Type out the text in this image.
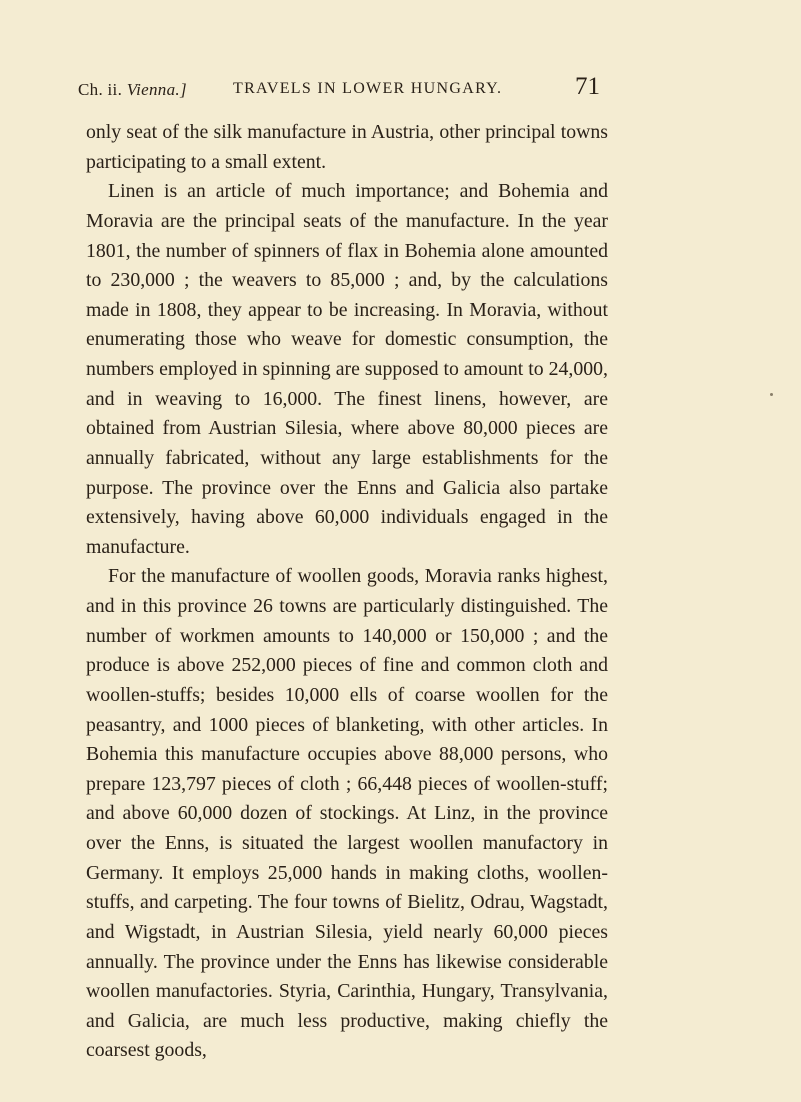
Ch. ii. Vienna.]	TRAVELS IN LOWER HUNGARY.	71

only seat of the silk manufacture in Austria, other principal towns participating to a small extent.

Linen is an article of much importance; and Bohemia and Moravia are the principal seats of the manufacture. In the year 1801, the number of spinners of flax in Bohemia alone amounted to 230,000 ; the weavers to 85,000 ; and, by the calculations made in 1808, they appear to be increasing. In Moravia, without enumerating those who weave for domestic consumption, the numbers employed in spinning are supposed to amount to 24,000, and in weaving to 16,000. The finest linens, however, are obtained from Austrian Silesia, where above 80,000 pieces are annually fabricated, without any large establishments for the purpose. The province over the Enns and Galicia also partake extensively, having above 60,000 individuals engaged in the manufacture.

For the manufacture of woollen goods, Moravia ranks highest, and in this province 26 towns are particularly distinguished. The number of workmen amounts to 140,000 or 150,000 ; and the produce is above 252,000 pieces of fine and common cloth and woollen-stuffs; besides 10,000 ells of coarse woollen for the peasantry, and 1000 pieces of blanketing, with other articles. In Bohemia this manufacture occupies above 88,000 persons, who prepare 123,797 pieces of cloth ; 66,448 pieces of woollen-stuff; and above 60,000 dozen of stockings. At Linz, in the province over the Enns, is situated the largest woollen manufactory in Germany. It employs 25,000 hands in making cloths, woollen-stuffs, and carpeting. The four towns of Bielitz, Odrau, Wagstadt, and Wigstadt, in Austrian Silesia, yield nearly 60,000 pieces annually. The province under the Enns has likewise considerable woollen manufactories. Styria, Carinthia, Hungary, Transylvania, and Galicia, are much less productive, making chiefly the coarsest goods,
